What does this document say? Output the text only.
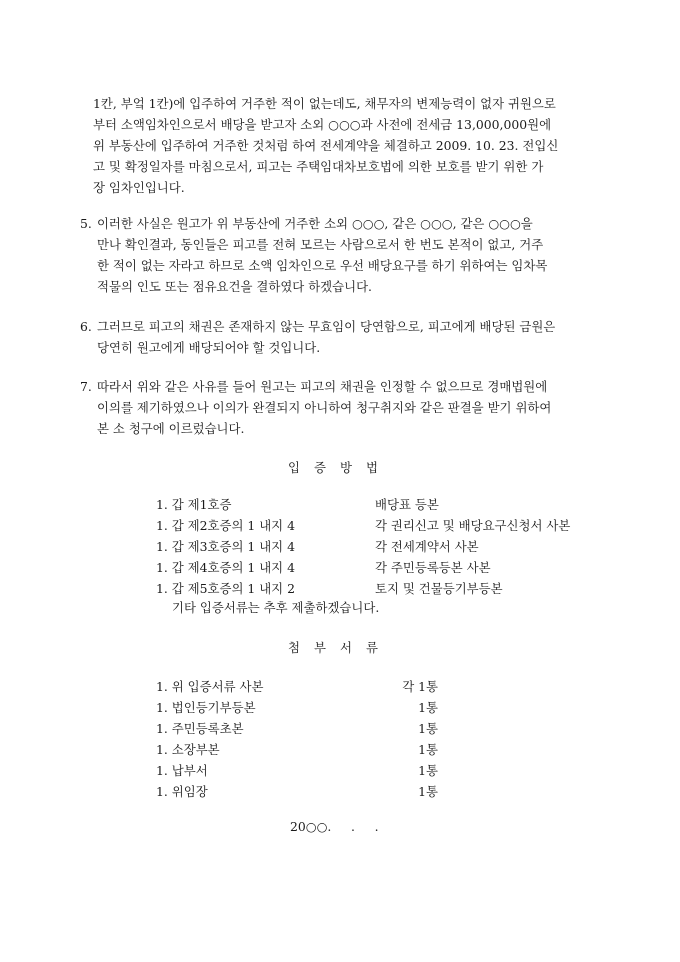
1칸, 부엌 1칸)에 입주하여 거주한 적이 없는데도, 채무자의 변제능력이 없자 귀원으로
부터 소액임차인으로서 배당을 받고자 소외 ○○○과 사전에 전세금 13,000,000원에
위 부동산에 입주하여 거주한 것처럼 하여 전세계약을 체결하고 2009. 10. 23. 전입신
고 및 확정일자를 마침으로서, 피고는 주택임대차보호법에 의한 보호를 받기 위한 가
장 임차인입니다.
5. 이러한 사실은 원고가 위 부동산에 거주한 소외 ○○○, 같은 ○○○, 같은 ○○○을
만나 확인결과, 동인들은 피고를 전혀 모르는 사람으로서 한 번도 본적이 없고, 거주
한 적이 없는 자라고 하므로 소액 임차인으로 우선 배당요구를 하기 위하여는 임차목
적물의 인도 또는 점유요건을 결하였다 하겠습니다.
6. 그러므로 피고의 채권은 존재하지 않는 무효임이 당연함으로, 피고에게 배당된 금원은
당연히 원고에게 배당되어야 할 것입니다.
7. 따라서 위와 같은 사유를 들어 원고는 피고의 채권을 인정할 수 없으므로 경매법원에
이의를 제기하였으나 이의가 완결되지 아니하여 청구취지와 같은 판결을 받기 위하여
본 소 청구에 이르렀습니다.
입증방법
1. 갑 제1호증	배당표 등본
1. 갑 제2호증의 1 내지 4	각 권리신고 및 배당요구신청서 사본
1. 갑 제3호증의 1 내지 4	각 전세계약서 사본
1. 갑 제4호증의 1 내지 4	각 주민등록등본 사본
1. 갑 제5호증의 1 내지 2	토지 및 건물등기부등본
기타 입증서류는 추후 제출하겠습니다.
첨부서류
1. 위 입증서류 사본	각 1통
1. 법인등기부등본	1통
1. 주민등록초본	1통
1. 소장부본	1통
1. 납부서	1통
1. 위임장	1통
20○○.     .     .
